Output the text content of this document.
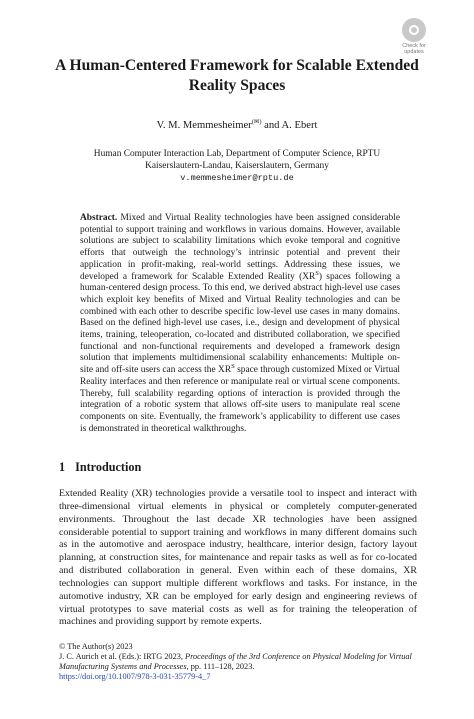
Check for updates
A Human-Centered Framework for Scalable Extended Reality Spaces
V. M. Memmesheimer(✉) and A. Ebert
Human Computer Interaction Lab, Department of Computer Science, RPTU
Kaiserslautern-Landau, Kaiserslautern, Germany
v.memmesheimer@rptu.de
Abstract. Mixed and Virtual Reality technologies have been assigned considerable potential to support training and workflows in various domains. However, available solutions are subject to scalability limitations which evoke temporal and cognitive efforts that outweigh the technology’s intrinsic potential and prevent their application in profit-making, real-world settings. Addressing these issues, we developed a framework for Scalable Extended Reality $(XR^S)$ spaces following a human-centered design process. To this end, we derived abstract high-level use cases which exploit key benefits of Mixed and Virtual Reality technologies and can be combined with each other to describe specific low-level use cases in many domains. Based on the defined high-level use cases, i.e., design and development of physical items, training, teleoperation, co-located and distributed collaboration, we specified functional and non-functional requirements and developed a framework design solution that implements multidimensional scalability enhancements: Multiple on-site and off-site users can access the $XR^S$ space through customized Mixed or Virtual Reality interfaces and then reference or manipulate real or virtual scene components. Thereby, full scalability regarding options of interaction is provided through the integration of a robotic system that allows off-site users to manipulate real scene components on site. Eventually, the framework’s applicability to different use cases is demonstrated in theoretical walkthroughs.
1 Introduction
Extended Reality (XR) technologies provide a versatile tool to inspect and interact with three-dimensional virtual elements in physical or completely computer-generated environments. Throughout the last decade XR technologies have been assigned considerable potential to support training and workflows in many different domains such as in the automotive and aerospace industry, healthcare, interior design, factory layout planning, at construction sites, for maintenance and repair tasks as well as for co-located and distributed collaboration in general. Even within each of these domains, XR technologies can support multiple different workflows and tasks. For instance, in the automotive industry, XR can be employed for early design and engineering reviews of virtual prototypes to save material costs as well as for training the teleoperation of machines and providing support by remote experts.
© The Author(s) 2023
J. C. Aurich et al. (Eds.): IRTG 2023, Proceedings of the 3rd Conference on Physical Modeling for Virtual Manufacturing Systems and Processes, pp. 111–128, 2023.
https://doi.org/10.1007/978-3-031-35779-4_7
